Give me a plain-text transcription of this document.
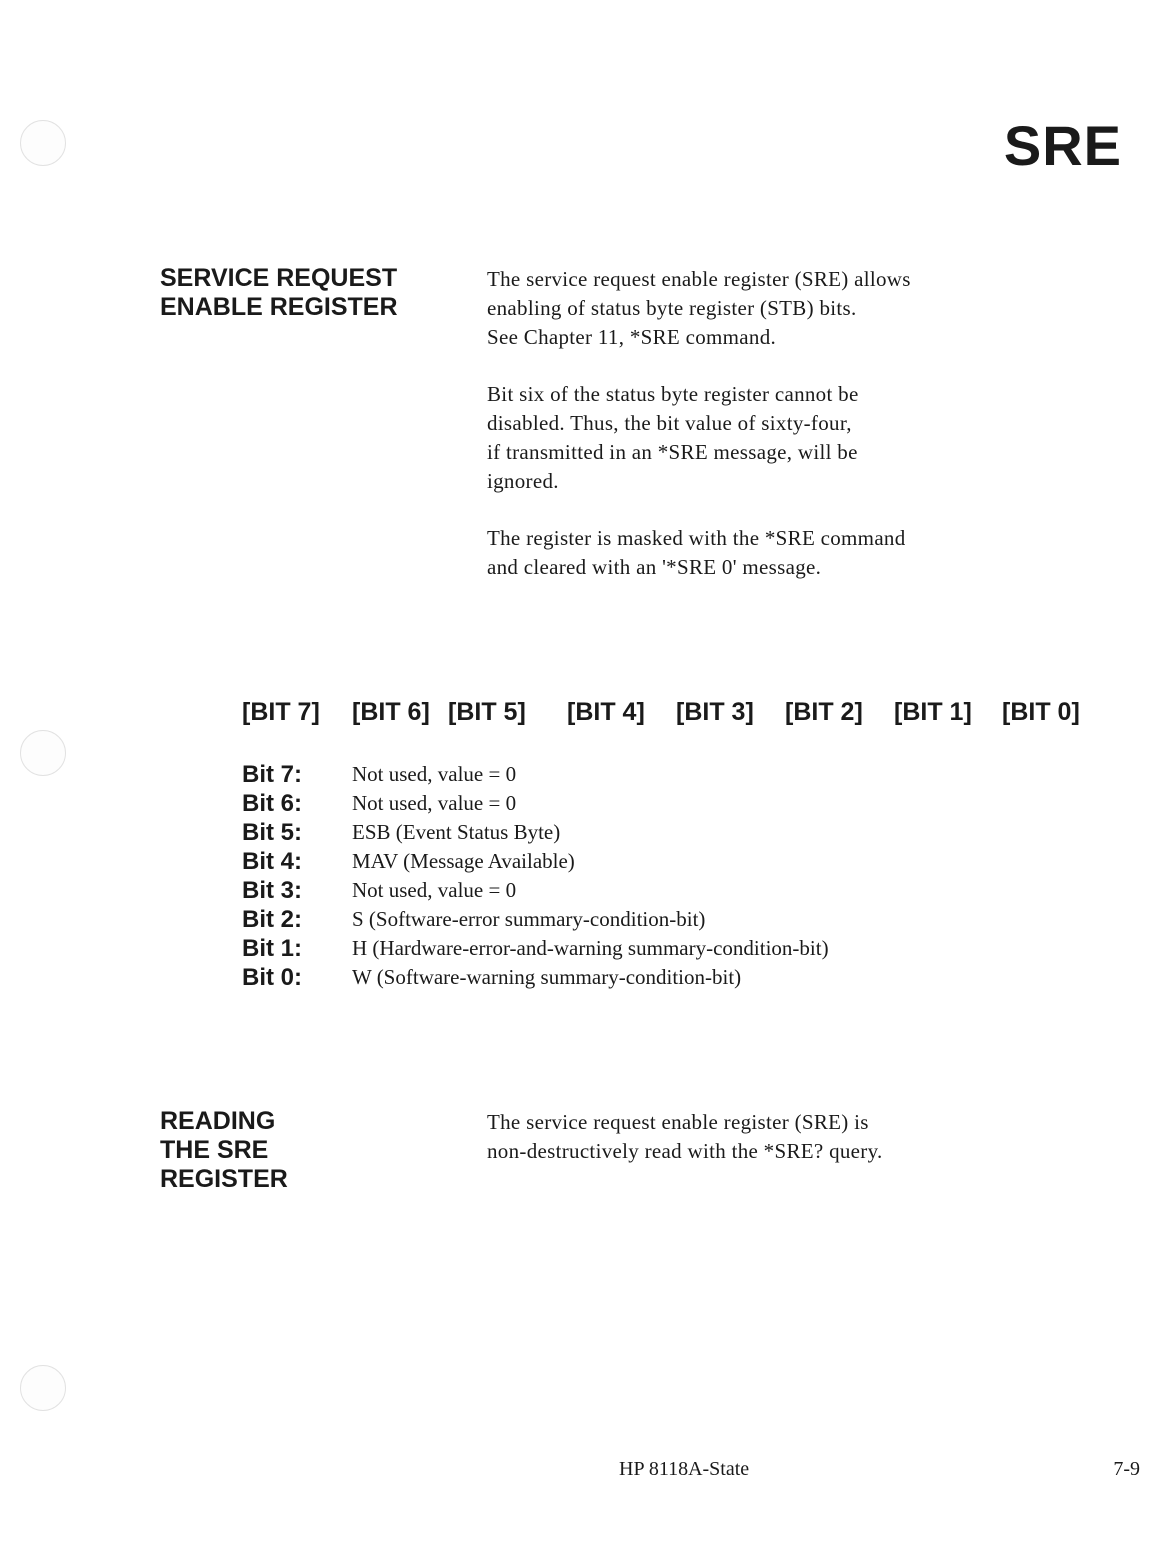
SRE
SERVICE REQUEST
ENABLE REGISTER

The service request enable register (SRE) allows
enabling of status byte register (STB) bits.
See Chapter 11, *SRE command.

Bit six of the status byte register cannot be
disabled. Thus, the bit value of sixty-four,
if transmitted in an *SRE message, will be
ignored.

The register is masked with the *SRE command
and cleared with an '*SRE 0' message.

[BIT 7] [BIT 6] [BIT 5] [BIT 4] [BIT 3] [BIT 2] [BIT 1] [BIT 0]
Bit 7: Not used, value = 0
Bit 6: Not used, value = 0
Bit 5: ESB (Event Status Byte)
Bit 4: MAV (Message Available)
Bit 3: Not used, value = 0
Bit 2: S (Software-error summary-condition-bit)
Bit 1: H (Hardware-error-and-warning summary-condition-bit)
Bit 0: W (Software-warning summary-condition-bit)
READING
THE SRE
REGISTER

The service request enable register (SRE) is
non-destructively read with the *SRE? query.

HP 8118A-State	7-9
